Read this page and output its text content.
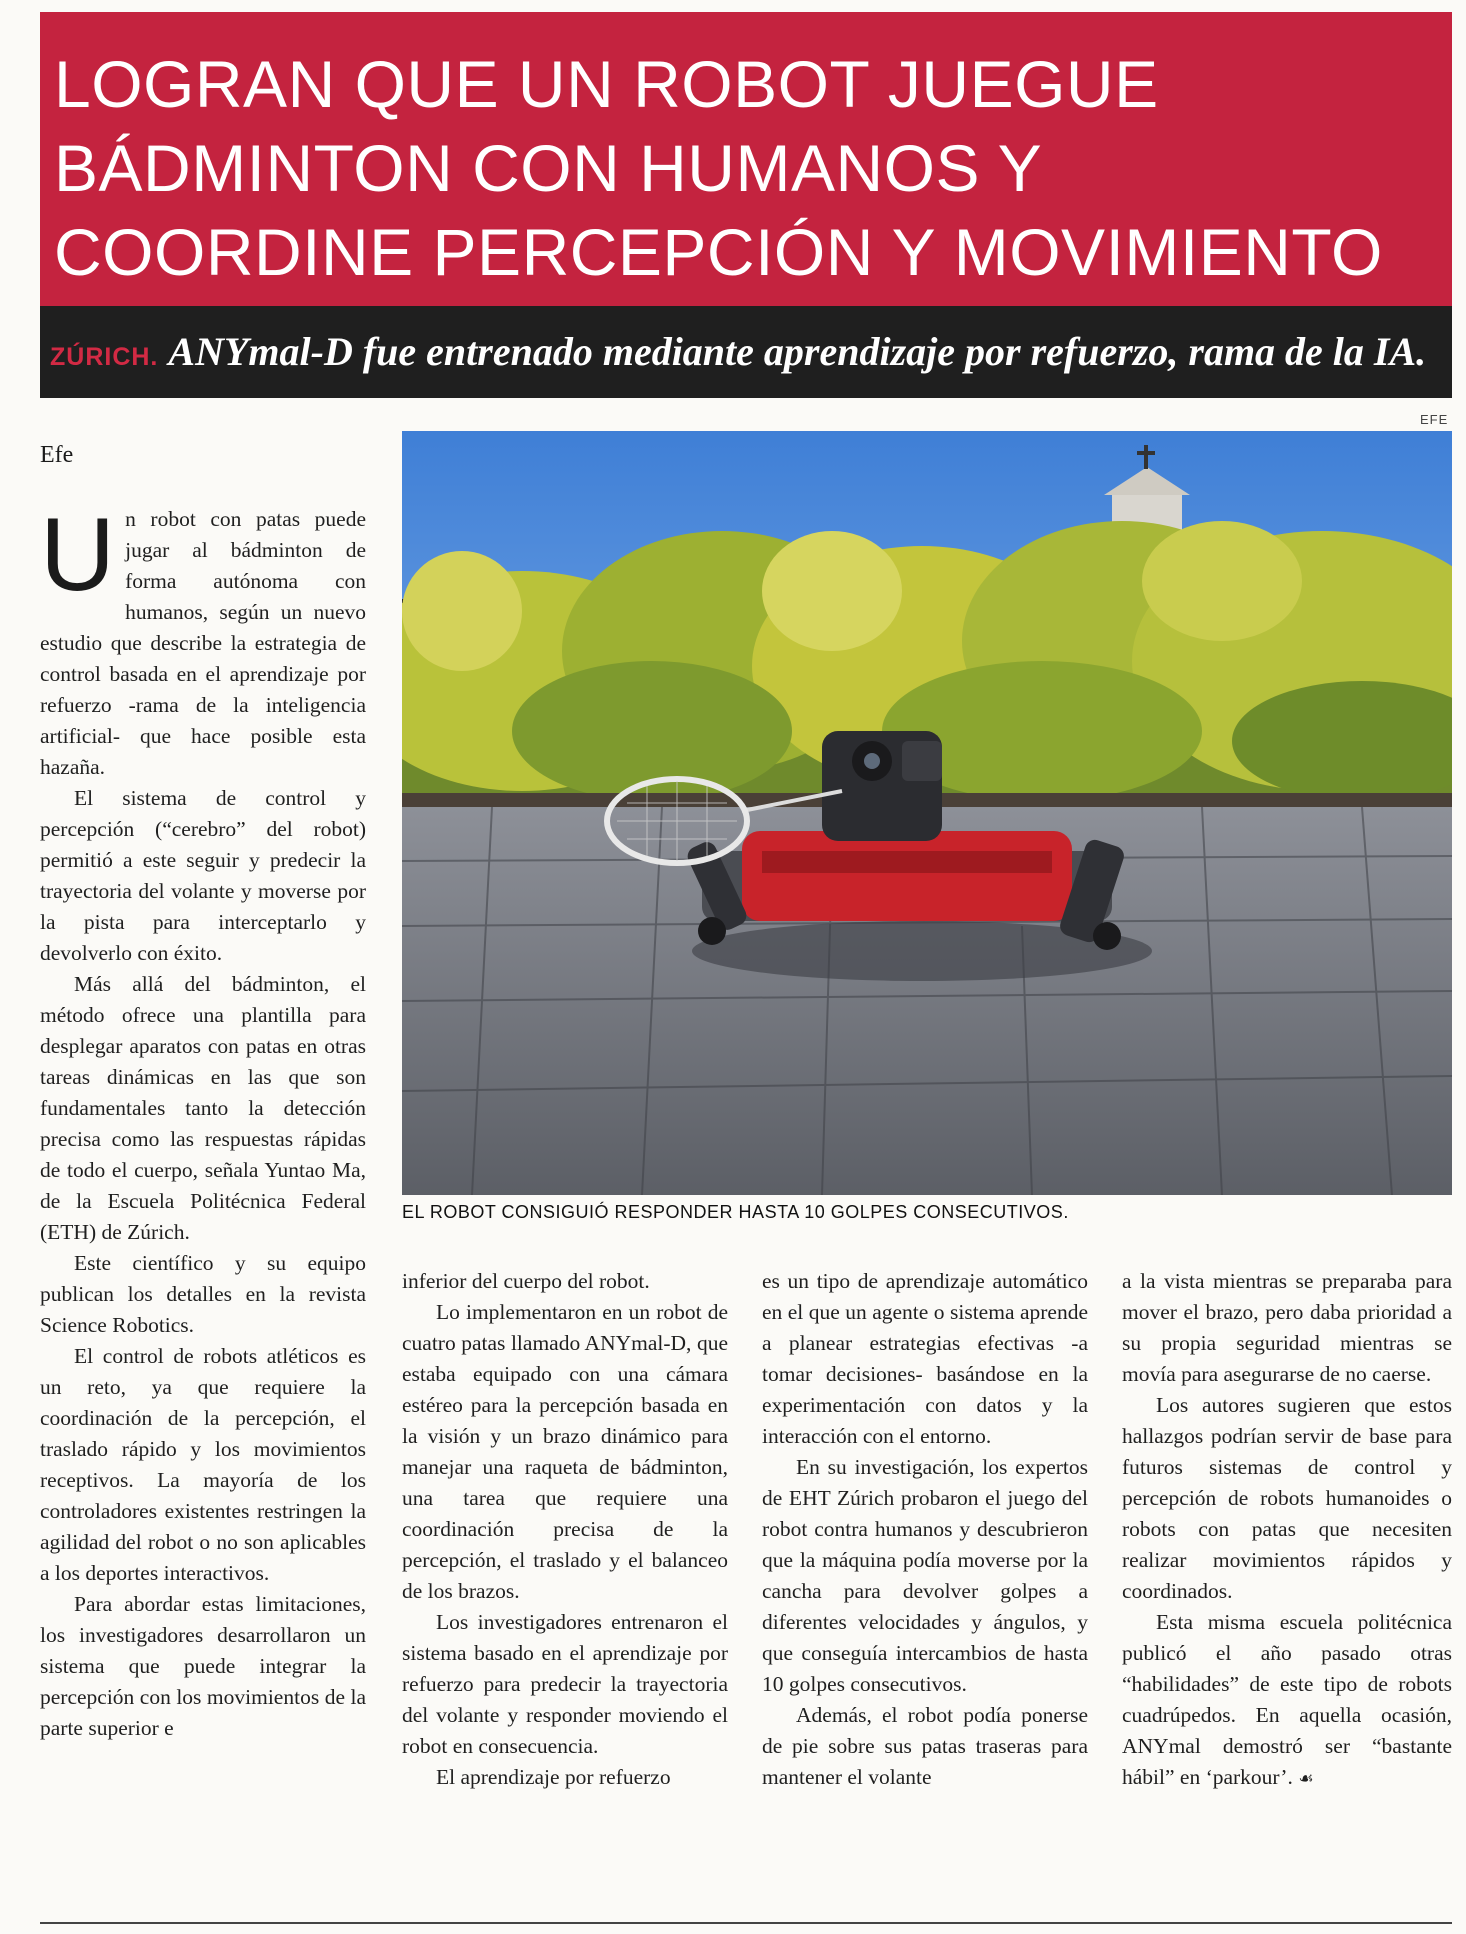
LOGRAN QUE UN ROBOT JUEGUE
BÁDMINTON CON HUMANOS Y
COORDINE PERCEPCIÓN Y MOVIMIENTO
ZÚRICH. ANYmal-D fue entrenado mediante aprendizaje por refuerzo, rama de la IA.
EFE
EL ROBOT CONSIGUIÓ RESPONDER HASTA 10 GOLPES CONSECUTIVOS.
Efe

Un robot con patas puede jugar al bádminton de forma autónoma con humanos, según un nuevo estudio que describe la estrategia de control basada en el aprendizaje por refuerzo -rama de la inteligencia artificial- que hace posible esta hazaña.

El sistema de control y percepción (“cerebro” del robot) permitió a este seguir y predecir la trayectoria del volante y moverse por la pista para interceptarlo y devolverlo con éxito.

Más allá del bádminton, el método ofrece una plantilla para desplegar aparatos con patas en otras tareas dinámicas en las que son fundamentales tanto la detección precisa como las respuestas rápidas de todo el cuerpo, señala Yuntao Ma, de la Escuela Politécnica Federal (ETH) de Zúrich.

Este científico y su equipo publican los detalles en la revista Science Robotics.

El control de robots atléticos es un reto, ya que requiere la coordinación de la percepción, el traslado rápido y los movimientos receptivos. La mayoría de los controladores existentes restringen la agilidad del robot o no son aplicables a los deportes interactivos.

Para abordar estas limitaciones, los investigadores desarrollaron un sistema que puede integrar la percepción con los movimientos de la parte superior e

inferior del cuerpo del robot.

Lo implementaron en un robot de cuatro patas llamado ANYmal-D, que estaba equipado con una cámara estéreo para la percepción basada en la visión y un brazo dinámico para manejar una raqueta de bádminton, una tarea que requiere una coordinación precisa de la percepción, el traslado y el balanceo de los brazos.

Los investigadores entrenaron el sistema basado en el aprendizaje por refuerzo para predecir la trayectoria del volante y responder moviendo el robot en consecuencia.

El aprendizaje por refuerzo

es un tipo de aprendizaje automático en el que un agente o sistema aprende a planear estrategias efectivas -a tomar decisiones- basándose en la experimentación con datos y la interacción con el entorno.

En su investigación, los expertos de EHT Zúrich probaron el juego del robot contra humanos y descubrieron que la máquina podía moverse por la cancha para devolver golpes a diferentes velocidades y ángulos, y que conseguía intercambios de hasta 10 golpes consecutivos.

Además, el robot podía ponerse de pie sobre sus patas traseras para mantener el volante

a la vista mientras se preparaba para mover el brazo, pero daba prioridad a su propia seguridad mientras se movía para asegurarse de no caerse.

Los autores sugieren que estos hallazgos podrían servir de base para futuros sistemas de control y percepción de robots humanoides o robots con patas que necesiten realizar movimientos rápidos y coordinados.

Esta misma escuela politécnica publicó el año pasado otras “habilidades” de este tipo de robots cuadrúpedos. En aquella ocasión, ANYmal demostró ser “bastante hábil” en ‘parkour’. ☙
